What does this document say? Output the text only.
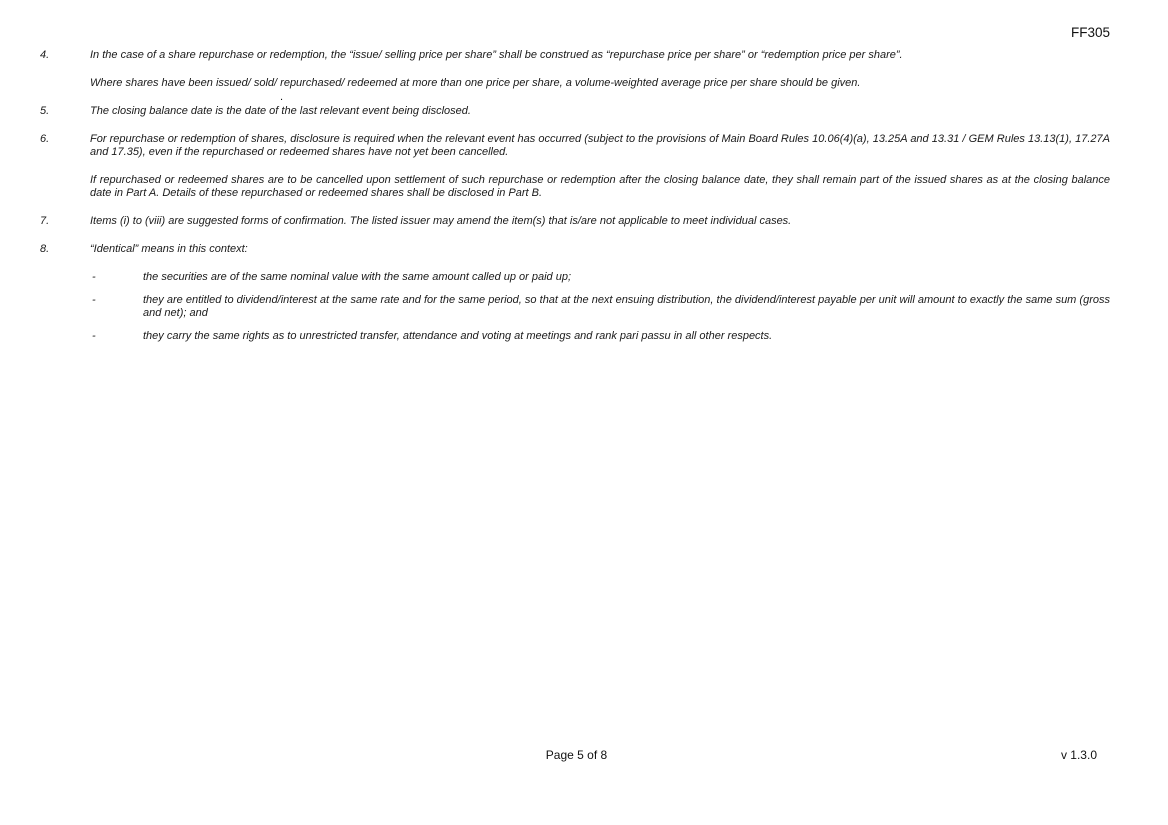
FF305
.
4.	In the case of a share repurchase or redemption, the “issue/ selling price per share” shall be construed as “repurchase price per share” or “redemption price per share”.

Where shares have been issued/ sold/ repurchased/ redeemed at more than one price per share, a volume-weighted average price per share should be given.

5.	The closing balance date is the date of the last relevant event being disclosed.

6.	For repurchase or redemption of shares, disclosure is required when the relevant event has occurred (subject to the provisions of Main Board Rules 10.06(4)(a), 13.25A and 13.31 / GEM Rules 13.13(1), 17.27A and 17.35), even if the repurchased or redeemed shares have not yet been cancelled.

If repurchased or redeemed shares are to be cancelled upon settlement of such repurchase or redemption after the closing balance date, they shall remain part of the issued shares as at the closing balance date in Part A. Details of these repurchased or redeemed shares shall be disclosed in Part B.

7.	Items (i) to (viii) are suggested forms of confirmation. The listed issuer may amend the item(s) that is/are not applicable to meet individual cases.

8.	“Identical” means in this context:

-	the securities are of the same nominal value with the same amount called up or paid up;
-	they are entitled to dividend/interest at the same rate and for the same period, so that at the next ensuing distribution, the dividend/interest payable per unit will amount to exactly the same sum (gross and net); and
-	they carry the same rights as to unrestricted transfer, attendance and voting at meetings and rank pari passu in all other respects.
Page 5 of 8	v 1.3.0
